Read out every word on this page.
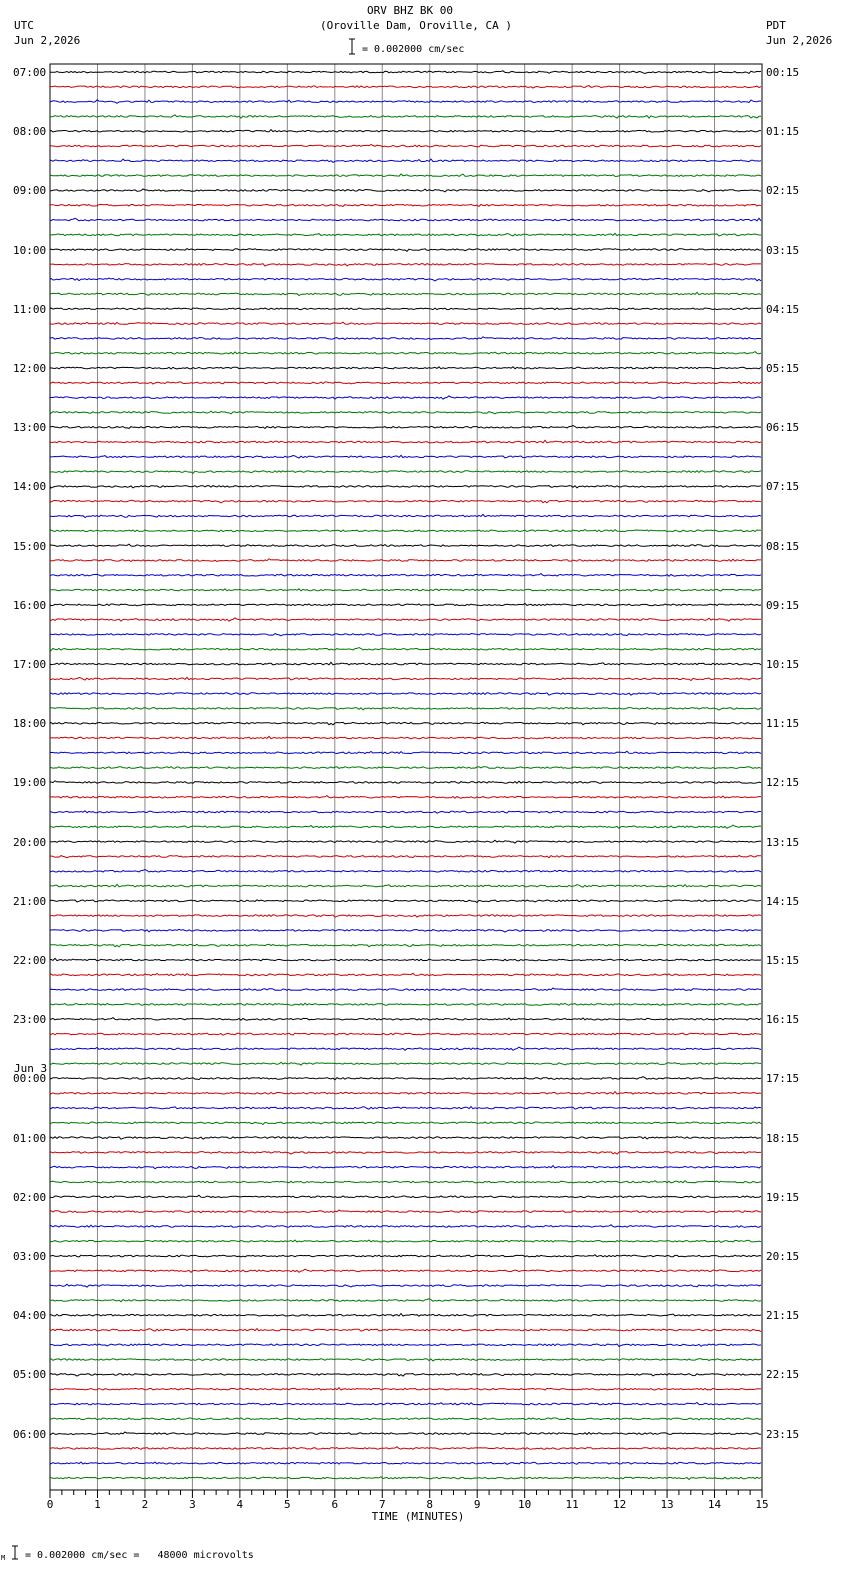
0	1	2	3	4	5	6	7	8	9	10	11	12	13	14	15
ORV BHZ BK 00
(Oroville Dam, Oroville, CA )
UTC
Jun 2,2026
PDT
Jun 2,2026
= 0.002000 cm/sec
07:00
08:00
09:00
10:00
11:00
12:00
13:00
14:00
15:00
16:00
17:00
18:00
19:00
20:00
21:00
22:00
23:00
00:00
01:00
02:00
03:00
04:00
05:00
06:00
00:15
01:15
02:15
03:15
04:15
05:15
06:15
07:15
08:15
09:15
10:15
11:15
12:15
13:15
14:15
15:15
16:15
17:15
18:15
19:15
20:15
21:15
22:15
23:15
Jun 3
TIME (MINUTES)
M = 0.002000 cm/sec =   48000 microvolts
